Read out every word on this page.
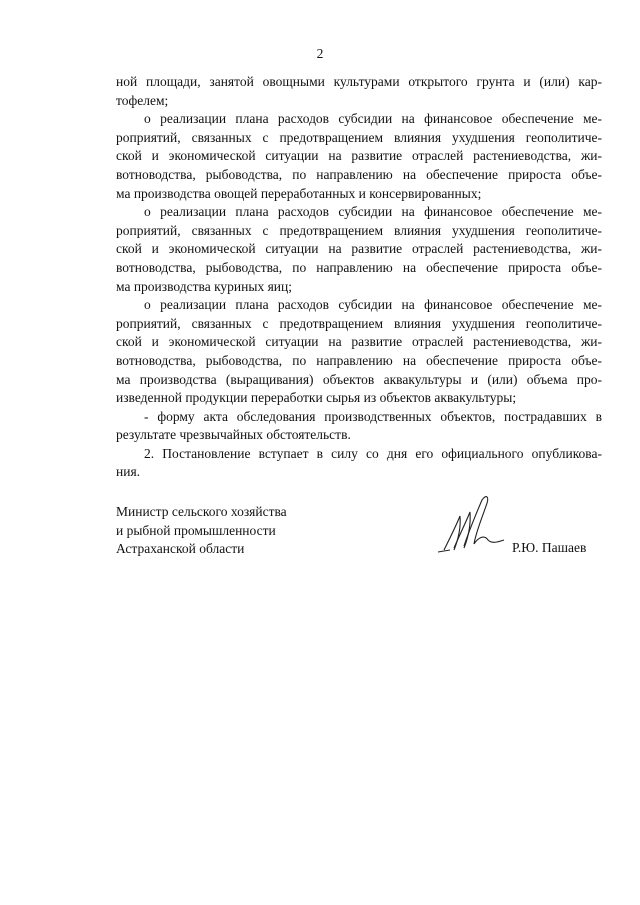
2
ной площади, занятой овощными культурами открытого грунта и (или) кар-
тофелем;
о реализации плана расходов субсидии на финансовое обеспечение ме-
роприятий, связанных с предотвращением влияния ухудшения геополитиче-
ской и экономической ситуации на развитие отраслей растениеводства, жи-
вотноводства, рыбоводства, по направлению на обеспечение прироста объе-
ма производства овощей переработанных и консервированных;
о реализации плана расходов субсидии на финансовое обеспечение ме-
роприятий, связанных с предотвращением влияния ухудшения геополитиче-
ской и экономической ситуации на развитие отраслей растениеводства, жи-
вотноводства, рыбоводства, по направлению на обеспечение прироста объе-
ма производства куриных яиц;
о реализации плана расходов субсидии на финансовое обеспечение ме-
роприятий, связанных с предотвращением влияния ухудшения геополитиче-
ской и экономической ситуации на развитие отраслей растениеводства, жи-
вотноводства, рыбоводства, по направлению на обеспечение прироста объе-
ма производства (выращивания) объектов аквакультуры и (или) объема про-
изведенной продукции переработки сырья из объектов аквакультуры;
- форму акта обследования производственных объектов, пострадавших в
результате чрезвычайных обстоятельств.
2. Постановление вступает в силу со дня его официального опубликова-
ния.
Министр сельского хозяйства
и рыбной промышленности
Астраханской области	Р.Ю. Пашаев
